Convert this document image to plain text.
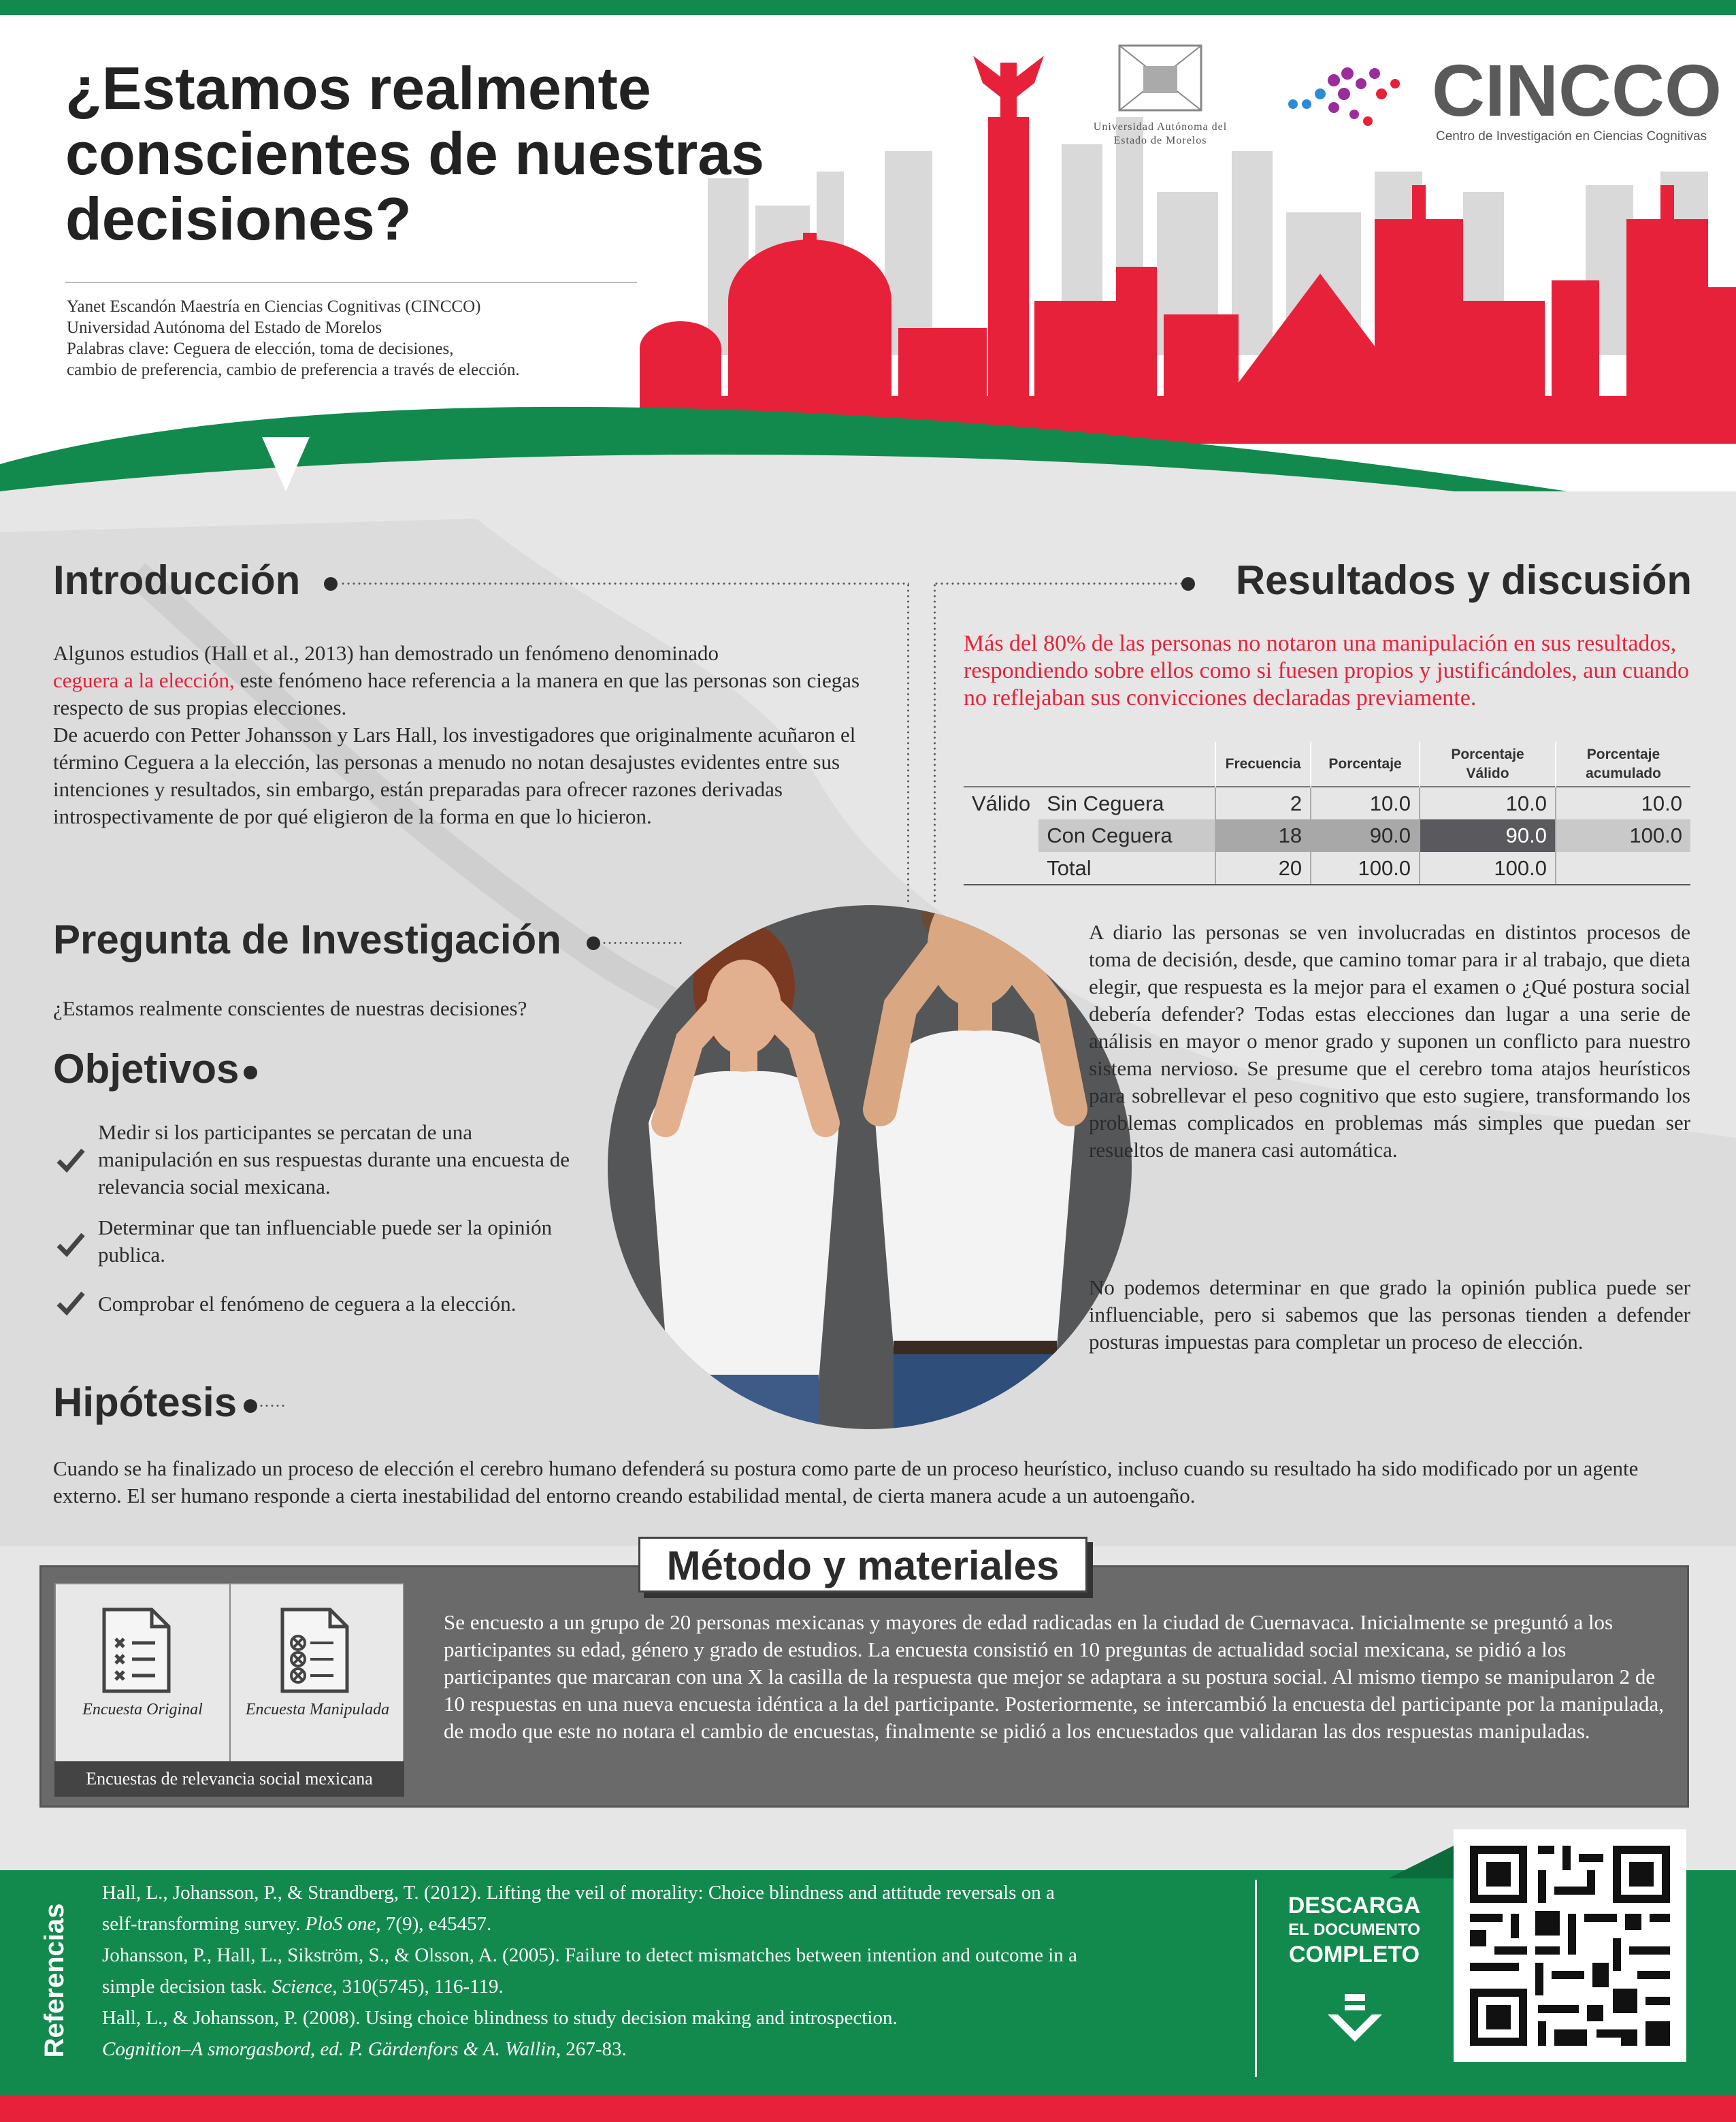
¿Estamos realmente
conscientes de nuestras
decisiones?
Yanet Escandón Maestría en Ciencias Cognitivas (CINCCO)
Universidad Autónoma del Estado de Morelos
Palabras clave: Ceguera de elección, toma de decisiones,
cambio de preferencia, cambio de preferencia a través de elección.
Universidad Autónoma del
Estado de Morelos
CINCCO
Centro de Investigación en Ciencias Cognitivas
Introducción
Algunos estudios (Hall et al., 2013) han demostrado un fenómeno denominado
ceguera a la elección, este fenómeno hace referencia a la manera en que las personas son ciegas respecto de sus propias elecciones.
De acuerdo con Petter Johansson y Lars Hall, los investigadores que originalmente acuñaron el término Ceguera a la elección, las personas a menudo no notan desajustes evidentes entre sus intenciones y resultados, sin embargo, están preparadas para ofrecer razones derivadas introspectivamente de por qué eligieron de la forma en que lo hicieron.
Pregunta de Investigación
¿Estamos realmente conscientes de nuestras decisiones?
Objetivos
Medir si los participantes se percatan de una manipulación en sus respuestas durante una encuesta de relevancia social mexicana.
Determinar que tan influenciable puede ser la opinión publica.
Comprobar el fenómeno de ceguera a la elección.
Resultados y discusión
Más del 80% de las personas no notaron una manipulación en sus resultados, respondiendo sobre ellos como si fuesen propios y justificándoles, aun cuando no reflejaban sus convicciones declaradas previamente.
		Frecuencia	Porcentaje	Porcentaje Válido	Porcentaje acumulado
Válido	Sin Ceguera	2	10.0	10.0	10.0
	Con Ceguera	18	90.0	90.0	100.0
	Total	20	100.0	100.0	
A diario las personas se ven involucradas en distintos procesos de toma de decisión, desde, que camino tomar para ir al trabajo, que dieta elegir, que respuesta es la mejor para el examen o ¿Qué postura social debería defender? Todas estas elecciones dan lugar a una serie de análisis en mayor o menor grado y suponen un conflicto para nuestro sistema nervioso. Se presume que el cerebro toma atajos heurísticos para sobrellevar el peso cognitivo que esto sugiere, transformando los problemas complicados en problemas más simples que puedan ser resueltos de manera casi automática.
No podemos determinar en que grado la opinión publica puede ser influenciable, pero si sabemos que las personas tienden a defender posturas impuestas para completar un proceso de elección.
Hipótesis
Cuando se ha finalizado un proceso de elección el cerebro humano defenderá su postura como parte de un proceso heurístico, incluso cuando su resultado ha sido modificado por un agente externo. El ser humano responde a cierta inestabilidad del entorno creando estabilidad mental, de cierta manera acude a un autoengaño.
Método y materiales
Encuesta Original	Encuesta Manipulada
Encuestas de relevancia social mexicana
Se encuesto a un grupo de 20 personas mexicanas y mayores de edad radicadas en la ciudad de Cuernavaca. Inicialmente se preguntó a los participantes su edad, género y grado de estudios. La encuesta consistió en 10 preguntas de actualidad social mexicana, se pidió a los participantes que marcaran con una X la casilla de la respuesta que mejor se adaptara a su postura social. Al mismo tiempo se manipularon 2 de 10 respuestas en una nueva encuesta idéntica a la del participante. Posteriormente, se intercambió la encuesta del participante por la manipulada, de modo que este no notara el cambio de encuestas, finalmente se pidió a los encuestados que validaran las dos respuestas manipuladas.
Referencias
Hall, L., Johansson, P., & Strandberg, T. (2012). Lifting the veil of morality: Choice blindness and attitude reversals on a
self-transforming survey. PloS one, 7(9), e45457.
Johansson, P., Hall, L., Sikström, S., & Olsson, A. (2005). Failure to detect mismatches between intention and outcome in a
simple decision task. Science, 310(5745), 116-119.
Hall, L., & Johansson, P. (2008). Using choice blindness to study decision making and introspection.
Cognition–A smorgasbord, ed. P. Gärdenfors & A. Wallin, 267-83.
DESCARGA
EL DOCUMENTO
COMPLETO
